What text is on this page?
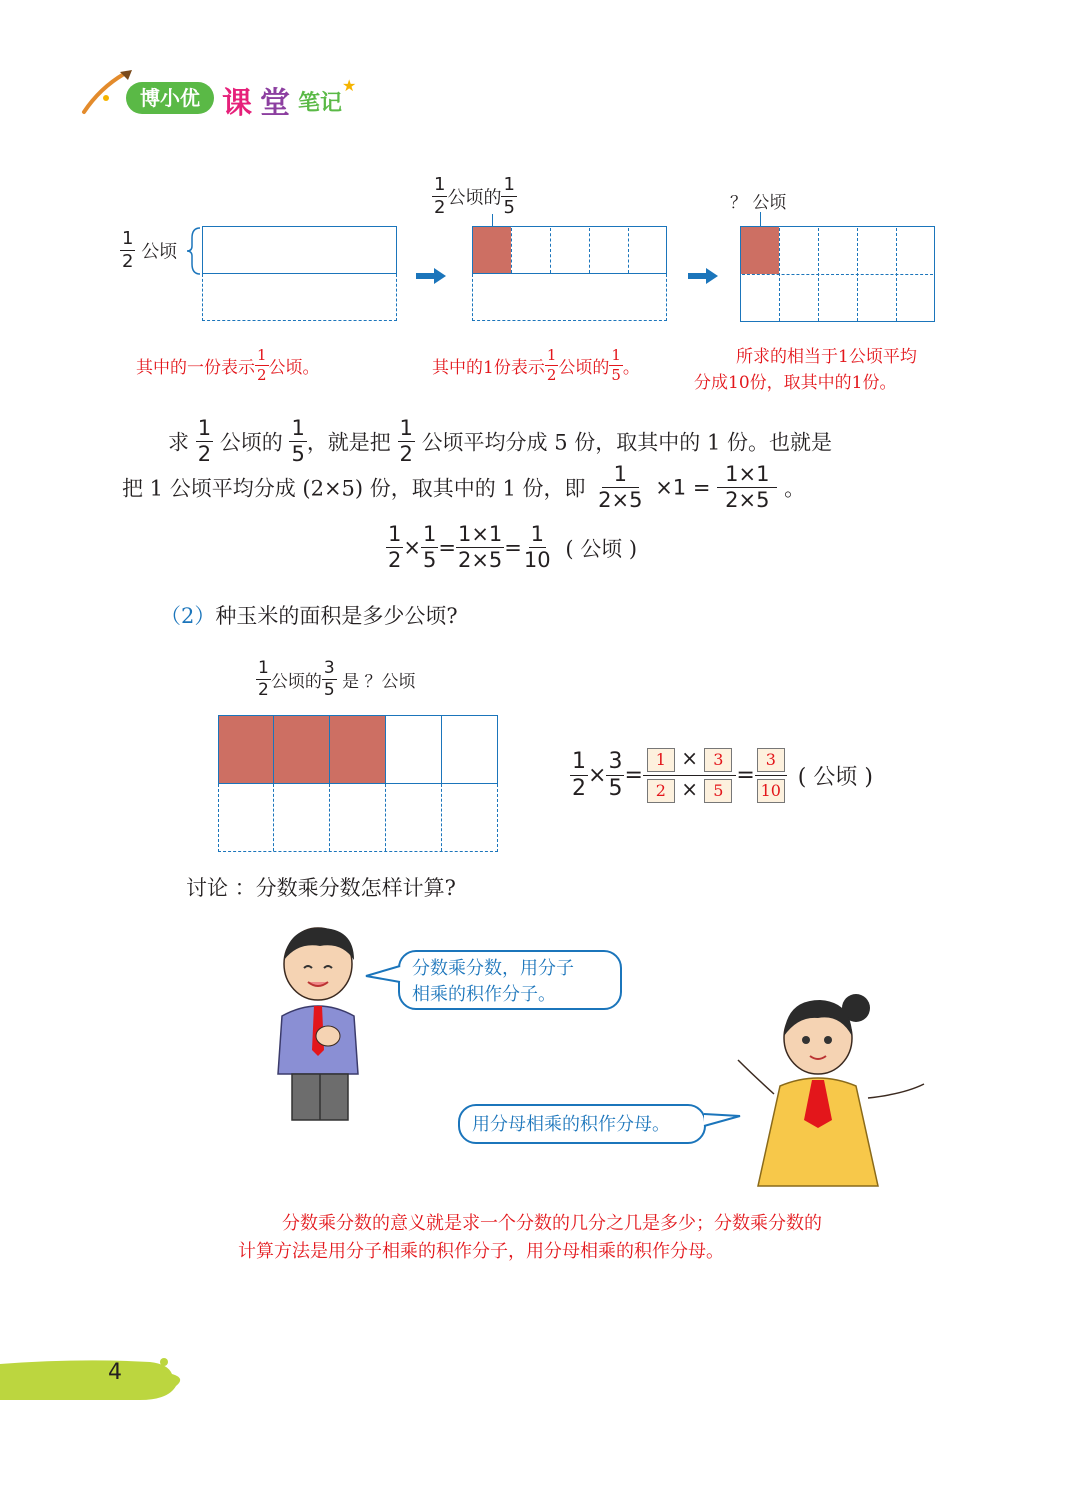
博小优 课 堂 笔记
★
$\frac{1}{2}$ 公顷
$\frac{1}{2}$ 公顷的 $\frac{1}{5}$	？ 公顷
其中的一份表示 $\frac{1}{2}$ 公顷。	其中的1份表示 $\frac{1}{2}$ 公顷的 $\frac{1}{5}$ 。
所求的相当于1公顷平均
分成10份，取其中的1份。
求 $\frac{1}{2}$ 公顷的 $\frac{1}{5}$ ，就是把 $\frac{1}{2}$ 公顷平均分成 5 份，取其中的 1 份。也就是
把 1 公顷平均分成 (2×5) 份，取其中的 1 份，即 $\frac{1}{2\times 5} \times 1 = \frac{1\times 1}{2\times 5}$ 。
$\frac{1}{2} \times \frac{1}{5} = \frac{1\times 1}{2\times 5} = \frac{1}{10}$ ( 公顷 )
（2）种玉米的面积是多少公顷?
$\frac{1}{2}$ 公顷的 $\frac{3}{5}$ 是 ？公顷
$\frac{1}{2} \times \frac{3}{5} = \frac{1 \times 3}{2 \times 5} = \frac{3}{10}$ ( 公顷 )
讨论 ：分数乘分数怎样计算?
分数乘分数，用分子
相乘的积作分子。
用分母相乘的积作分母。
分数乘分数的意义就是求一个分数的几分之几是多少；分数乘分数的
计算方法是用分子相乘的积作分子，用分母相乘的积作分母。
4
